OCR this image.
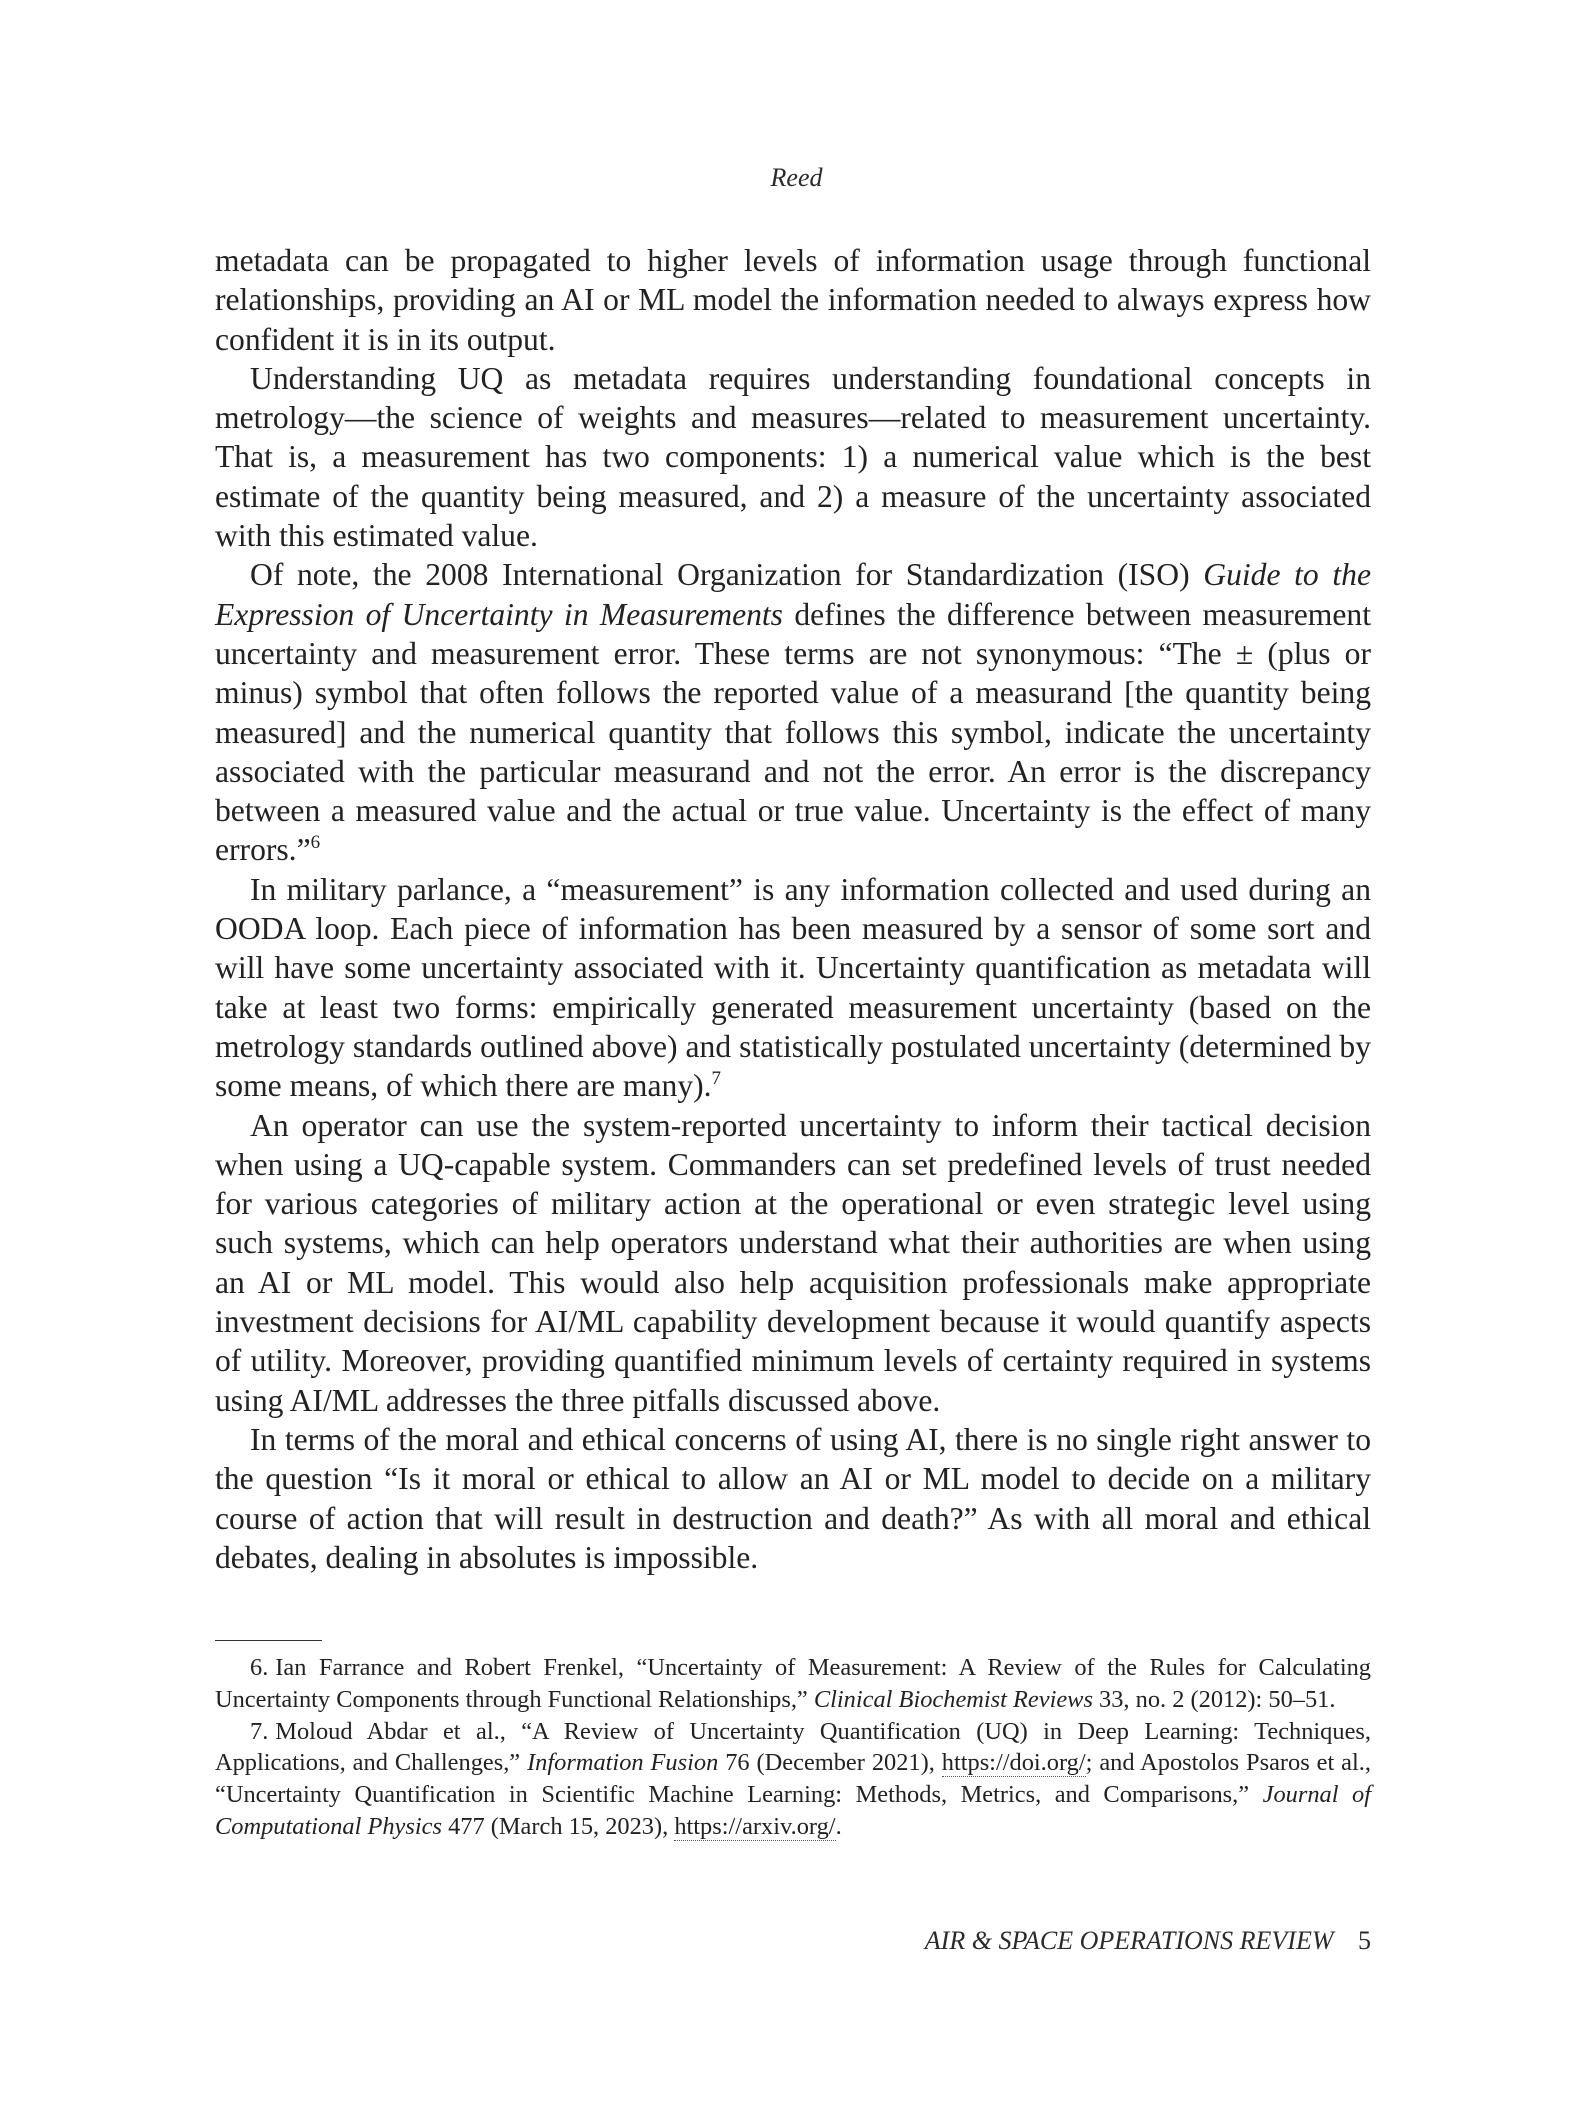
Reed

metadata can be propagated to higher levels of information usage through functional relationships, providing an AI or ML model the information needed to always express how confident it is in its output.

Understanding UQ as metadata requires understanding foundational concepts in metrology—the science of weights and measures—related to measurement uncertainty. That is, a measurement has two components: 1) a numerical value which is the best estimate of the quantity being measured, and 2) a measure of the uncertainty associated with this estimated value.

Of note, the 2008 International Organization for Standardization (ISO) Guide to the Expression of Uncertainty in Measurements defines the difference between measurement uncertainty and measurement error. These terms are not synonymous: “The ± (plus or minus) symbol that often follows the reported value of a measurand [the quantity being measured] and the numerical quantity that follows this symbol, indicate the uncertainty associated with the particular measurand and not the error. An error is the discrepancy between a measured value and the actual or true value. Uncertainty is the effect of many errors.”$^6$

In military parlance, a “measurement” is any information collected and used during an OODA loop. Each piece of information has been measured by a sensor of some sort and will have some uncertainty associated with it. Uncertainty quantification as metadata will take at least two forms: empirically generated measurement uncertainty (based on the metrology standards outlined above) and statistically postulated uncertainty (determined by some means, of which there are many).$^7$

An operator can use the system-reported uncertainty to inform their tactical decision when using a UQ-capable system. Commanders can set predefined levels of trust needed for various categories of military action at the operational or even strategic level using such systems, which can help operators understand what their authorities are when using an AI or ML model. This would also help acquisition professionals make appropriate investment decisions for AI/ML capability development because it would quantify aspects of utility. Moreover, providing quantified minimum levels of certainty required in systems using AI/ML addresses the three pitfalls discussed above.

In terms of the moral and ethical concerns of using AI, there is no single right answer to the question “Is it moral or ethical to allow an AI or ML model to decide on a military course of action that will result in destruction and death?” As with all moral and ethical debates, dealing in absolutes is impossible.

6. Ian Farrance and Robert Frenkel, “Uncertainty of Measurement: A Review of the Rules for Calculating Uncertainty Components through Functional Relationships,” Clinical Biochemist Reviews 33, no. 2 (2012): 50–51.

7. Moloud Abdar et al., “A Review of Uncertainty Quantification (UQ) in Deep Learning: Techniques, Applications, and Challenges,” Information Fusion 76 (December 2021), https://doi.org/; and Apostolos Psaros et al., “Uncertainty Quantification in Scientific Machine Learning: Methods, Metrics, and Comparisons,” Journal of Computational Physics 477 (March 15, 2023), https://arxiv.org/.

AIR & SPACE OPERATIONS REVIEW 5
